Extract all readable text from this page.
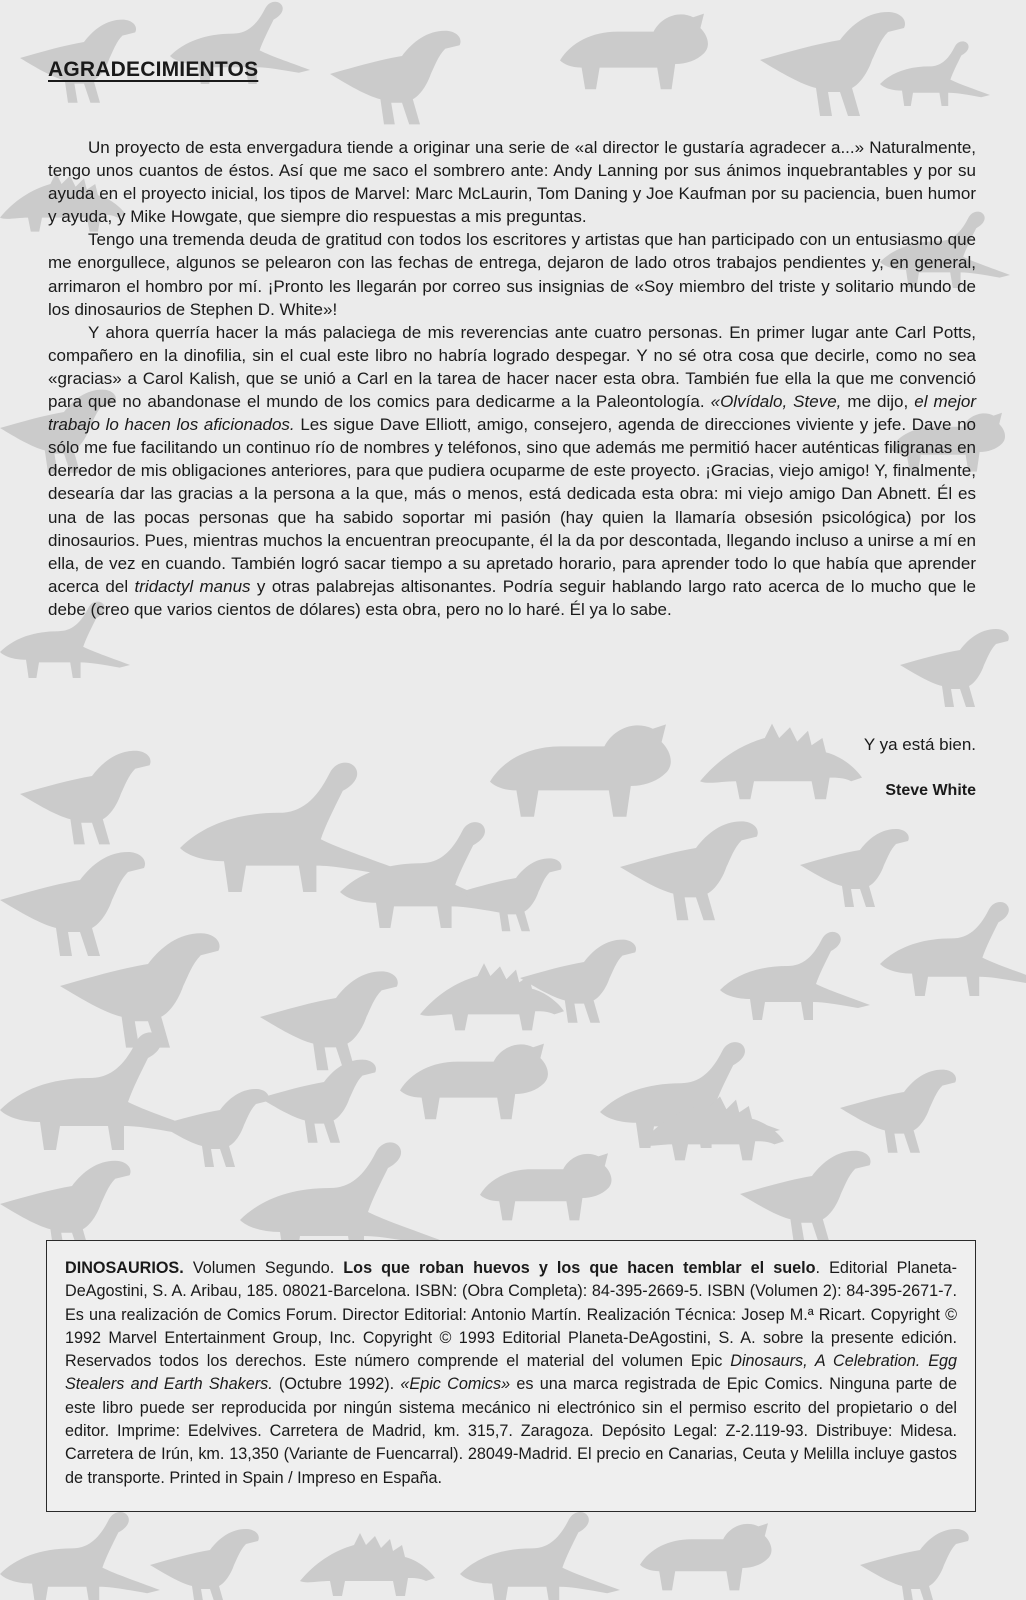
AGRADECIMIENTOS

Un proyecto de esta envergadura tiende a originar una serie de «al director le gustaría agradecer a...» Naturalmente, tengo unos cuantos de éstos. Así que me saco el sombrero ante: Andy Lanning por sus ánimos inquebrantables y por su ayuda en el proyecto inicial, los tipos de Marvel: Marc McLaurin, Tom Daning y Joe Kaufman por su paciencia, buen humor y ayuda, y Mike Howgate, que siempre dio respuestas a mis preguntas.

Tengo una tremenda deuda de gratitud con todos los escritores y artistas que han participado con un entusiasmo que me enorgullece, algunos se pelearon con las fechas de entrega, dejaron de lado otros trabajos pendientes y, en general, arrimaron el hombro por mí. ¡Pronto les llegarán por correo sus insignias de «Soy miembro del triste y solitario mundo de los dinosaurios de Stephen D. White»!

Y ahora querría hacer la más palaciega de mis reverencias ante cuatro personas. En primer lugar ante Carl Potts, compañero en la dinofilia, sin el cual este libro no habría logrado despegar. Y no sé otra cosa que decirle, como no sea «gracias» a Carol Kalish, que se unió a Carl en la tarea de hacer nacer esta obra. También fue ella la que me convenció para que no abandonase el mundo de los comics para dedicarme a la Paleontología. «Olvídalo, Steve, me dijo, el mejor trabajo lo hacen los aficionados. Les sigue Dave Elliott, amigo, consejero, agenda de direcciones viviente y jefe. Dave no sólo me fue facilitando un continuo río de nombres y teléfonos, sino que además me permitió hacer auténticas filigranas en derredor de mis obligaciones anteriores, para que pudiera ocuparme de este proyecto. ¡Gracias, viejo amigo! Y, finalmente, desearía dar las gracias a la persona a la que, más o menos, está dedicada esta obra: mi viejo amigo Dan Abnett. Él es una de las pocas personas que ha sabido soportar mi pasión (hay quien la llamaría obsesión psicológica) por los dinosaurios. Pues, mientras muchos la encuentran preocupante, él la da por descontada, llegando incluso a unirse a mí en ella, de vez en cuando. También logró sacar tiempo a su apretado horario, para aprender todo lo que había que aprender acerca del tridactyl manus y otras palabrejas altisonantes. Podría seguir hablando largo rato acerca de lo mucho que le debe (creo que varios cientos de dólares) esta obra, pero no lo haré. Él ya lo sabe.

Y ya está bien.
Steve White
DINOSAURIOS. Volumen Segundo. Los que roban huevos y los que hacen temblar el suelo. Editorial Planeta-DeAgostini, S. A. Aribau, 185. 08021-Barcelona. ISBN: (Obra Completa): 84-395-2669-5. ISBN (Volumen 2): 84-395-2671-7. Es una realización de Comics Forum. Director Editorial: Antonio Martín. Realización Técnica: Josep M.ª Ricart. Copyright © 1992 Marvel Entertainment Group, Inc. Copyright © 1993 Editorial Planeta-DeAgostini, S. A. sobre la presente edición. Reservados todos los derechos. Este número comprende el material del volumen Epic Dinosaurs, A Celebration. Egg Stealers and Earth Shakers. (Octubre 1992). «Epic Comics» es una marca registrada de Epic Comics. Ninguna parte de este libro puede ser reproducida por ningún sistema mecánico ni electrónico sin el permiso escrito del propietario o del editor. Imprime: Edelvives. Carretera de Madrid, km. 315,7. Zaragoza. Depósito Legal: Z-2.119-93. Distribuye: Midesa. Carretera de Irún, km. 13,350 (Variante de Fuencarral). 28049-Madrid. El precio en Canarias, Ceuta y Melilla incluye gastos de transporte. Printed in Spain / Impreso en España.
